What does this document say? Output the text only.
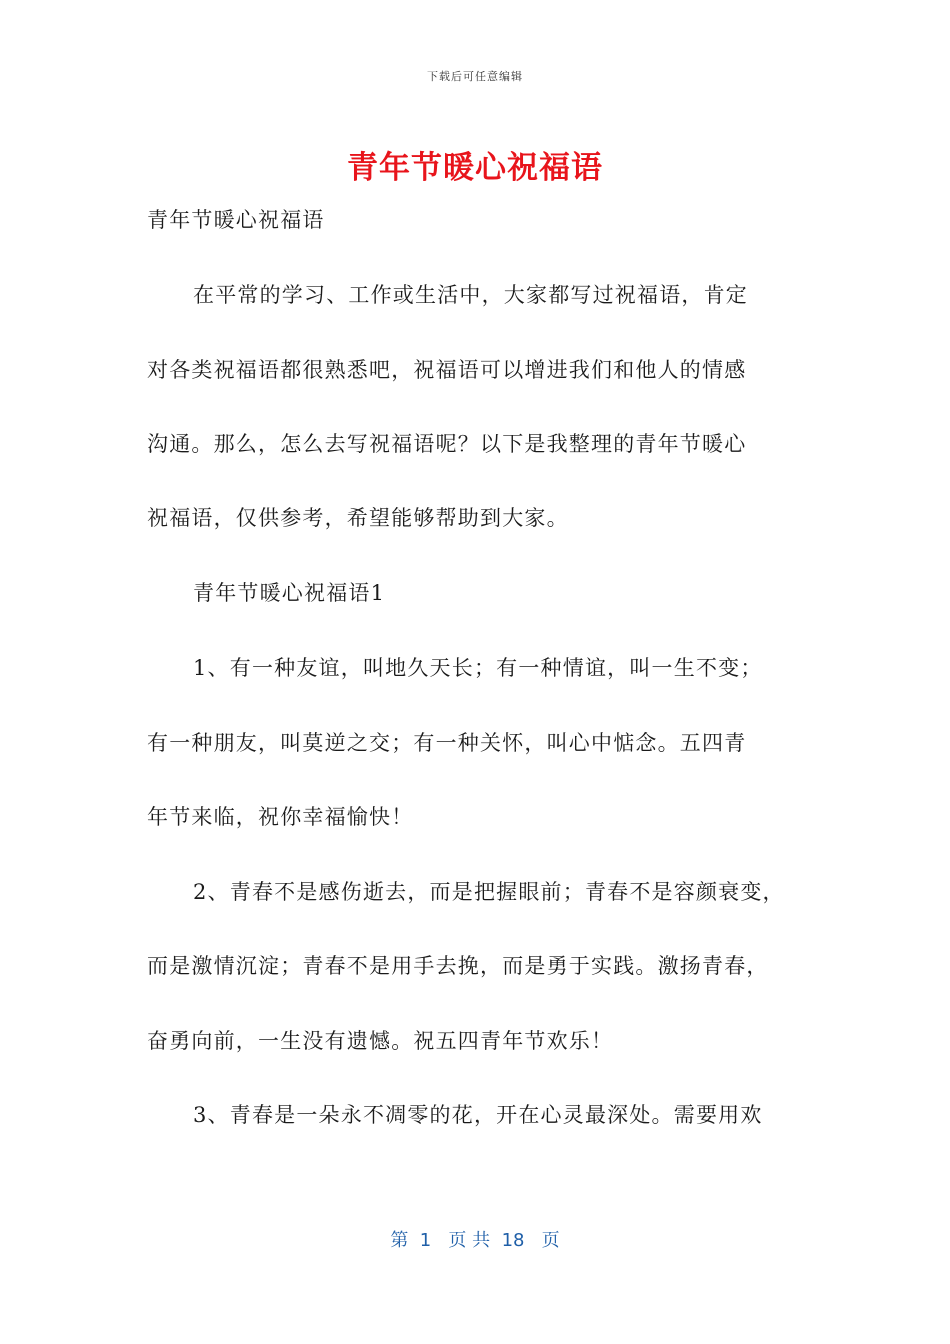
下载后可任意编辑
青年节暖心祝福语
青年节暖心祝福语
在平常的学习、工作或生活中，大家都写过祝福语，肯定
对各类祝福语都很熟悉吧，祝福语可以增进我们和他人的情感
沟通。那么，怎么去写祝福语呢？以下是我整理的青年节暖心
祝福语，仅供参考，希望能够帮助到大家。
青年节暖心祝福语1
1、有一种友谊，叫地久天长；有一种情谊，叫一生不变；
有一种朋友，叫莫逆之交；有一种关怀，叫心中惦念。五四青
年节来临，祝你幸福愉快！
2、青春不是感伤逝去，而是把握眼前；青春不是容颜衰变，
而是激情沉淀；青春不是用手去挽，而是勇于实践。激扬青春，
奋勇向前，一生没有遗憾。祝五四青年节欢乐！
3、青春是一朵永不凋零的花，开在心灵最深处。需要用欢
第  1   页 共  18   页
